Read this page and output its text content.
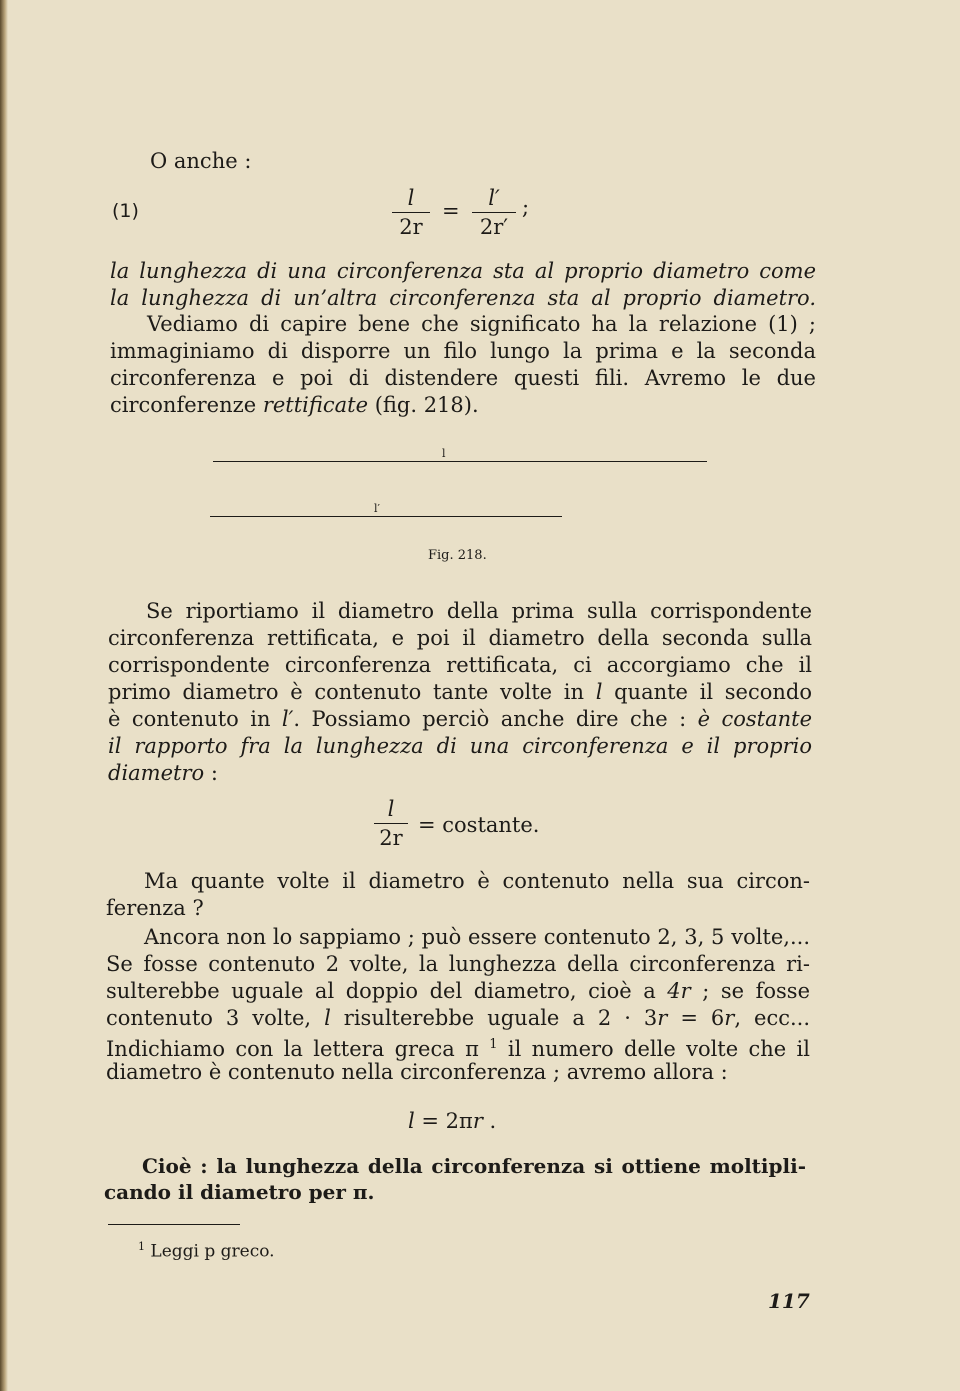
O anche :
(1)
l
2r
=
l′
2r′
;
la lunghezza di una circonferenza sta al proprio diametro come
la lunghezza di un’altra circonferenza sta al proprio diametro.
Vediamo di capire bene che significato ha la relazione (1) ;
immaginiamo di disporre un filo lungo la prima e la seconda
circonferenza e poi di distendere questi fili. Avremo le due
circonferenze rettificate (fig. 218).
l
l′
Fig. 218.
Se riportiamo il diametro della prima sulla corrispondente
circonferenza rettificata, e poi il diametro della seconda sulla
corrispondente circonferenza rettificata, ci accorgiamo che il
primo diametro è contenuto tante volte in l quante il secondo
è contenuto in l′. Possiamo perciò anche dire che : è costante
il rapporto fra la lunghezza di una circonferenza e il proprio
diametro :
l
2r
= costante.
Ma quante volte il diametro è contenuto nella sua circon-
ferenza ?
Ancora non lo sappiamo ; può essere contenuto 2, 3, 5 volte,...
Se fosse contenuto 2 volte, la lunghezza della circonferenza ri-
sulterebbe uguale al doppio del diametro, cioè a 4r ; se fosse
contenuto 3 volte, l risulterebbe uguale a 2 · 3r = 6r, ecc...
Indichiamo con la lettera greca π $^1$ il numero delle volte che il
diametro è contenuto nella circonferenza ; avremo allora :
l = 2πr .
Cioè : la lunghezza della circonferenza si ottiene moltipli-
cando il diametro per π.
$^1$ Leggi p greco.
117
